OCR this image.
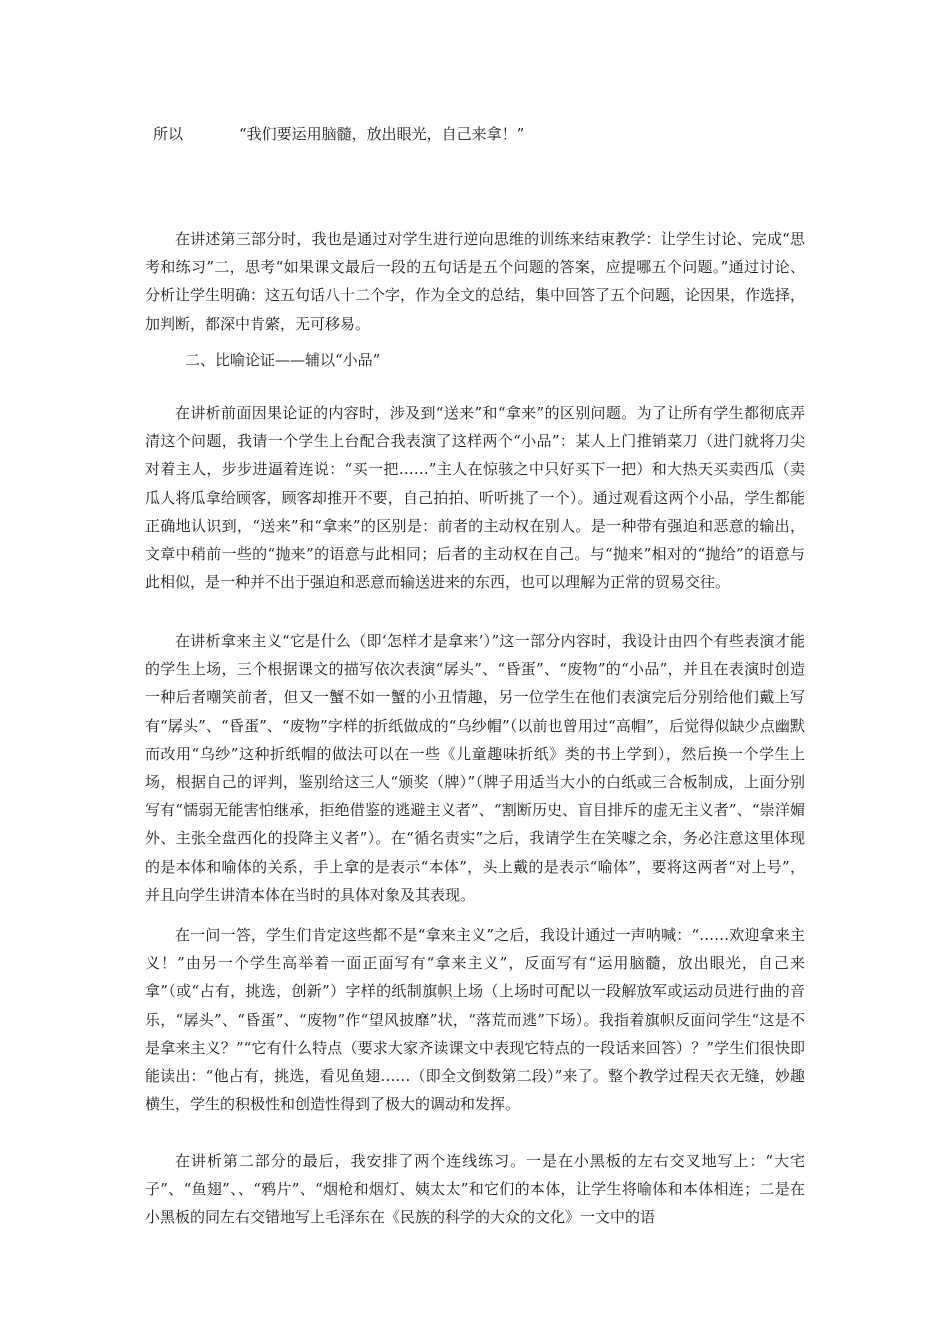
所以	“我们要运用脑髓，放出眼光，自己来拿！”

在讲述第三部分时，我也是通过对学生进行逆向思维的训练来结束教学：让学生讨论、完成“思考和练习”二，思考“如果课文最后一段的五句话是五个问题的答案，应提哪五个问题。”通过讨论、分析让学生明确：这五句话八十二个字，作为全文的总结，集中回答了五个问题，论因果，作选择，加判断，都深中肯綮，无可移易。

二、比喻论证——辅以“小品”

在讲析前面因果论证的内容时，涉及到“送来”和“拿来”的区别问题。为了让所有学生都彻底弄清这个问题，我请一个学生上台配合我表演了这样两个“小品”：某人上门推销菜刀（进门就将刀尖对着主人，步步进逼着连说：“买一把……”主人在惊骇之中只好买下一把）和大热天买卖西瓜（卖瓜人将瓜拿给顾客，顾客却推开不要，自己拍拍、听听挑了一个）。通过观看这两个小品，学生都能正确地认识到，“送来”和“拿来”的区别是：前者的主动权在别人。是一种带有强迫和恶意的输出，文章中稍前一些的“抛来”的语意与此相同；后者的主动权在自己。与“抛来”相对的“抛给”的语意与此相似，是一种并不出于强迫和恶意而输送进来的东西，也可以理解为正常的贸易交往。

在讲析拿来主义“它是什么（即‘怎样才是拿来’）”这一部分内容时，我设计由四个有些表演才能的学生上场，三个根据课文的描写依次表演“孱头”、“昏蛋”、“废物”的“小品”，并且在表演时创造一种后者嘲笑前者，但又一蟹不如一蟹的小丑情趣，另一位学生在他们表演完后分别给他们戴上写有“孱头”、“昏蛋”、“废物”字样的折纸做成的“乌纱帽”（以前也曾用过“高帽”，后觉得似缺少点幽默而改用“乌纱”这种折纸帽的做法可以在一些《儿童趣味折纸》类的书上学到），然后换一个学生上场，根据自己的评判，鉴别给这三人“颁奖（牌）”（牌子用适当大小的白纸或三合板制成，上面分别写有“懦弱无能害怕继承，拒绝借鉴的逃避主义者”、“割断历史、盲目排斥的虚无主义者”、“崇洋媚外、主张全盘西化的投降主义者”）。在“循名责实”之后，我请学生在笑噱之余，务必注意这里体现的是本体和喻体的关系，手上拿的是表示“本体”，头上戴的是表示“喻体”，要将这两者“对上号”，并且向学生讲清本体在当时的具体对象及其表现。

在一问一答，学生们肯定这些都不是“拿来主义”之后，我设计通过一声呐喊：“……欢迎拿来主义！”由另一个学生高举着一面正面写有“拿来主义”，反面写有“运用脑髓，放出眼光，自己来拿”（或“占有，挑选，创新”）字样的纸制旗帜上场（上场时可配以一段解放军或运动员进行曲的音乐，“孱头”、“昏蛋”、“废物”作“望风披靡”状，“落荒而逃”下场）。我指着旗帜反面问学生“这是不是拿来主义？”“它有什么特点（要求大家齐读课文中表现它特点的一段话来回答）？”学生们很快即能读出：“他占有，挑选，看见鱼翅……（即全文倒数第二段）”来了。整个教学过程天衣无缝，妙趣横生，学生的积极性和创造性得到了极大的调动和发挥。

在讲析第二部分的最后，我安排了两个连线练习。一是在小黑板的左右交叉地写上：“大宅子”、“鱼翅”、、“鸦片”、“烟枪和烟灯、姨太太”和它们的本体，让学生将喻体和本体相连；二是在小黑板的同左右交错地写上毛泽东在《民族的科学的大众的文化》一文中的语
